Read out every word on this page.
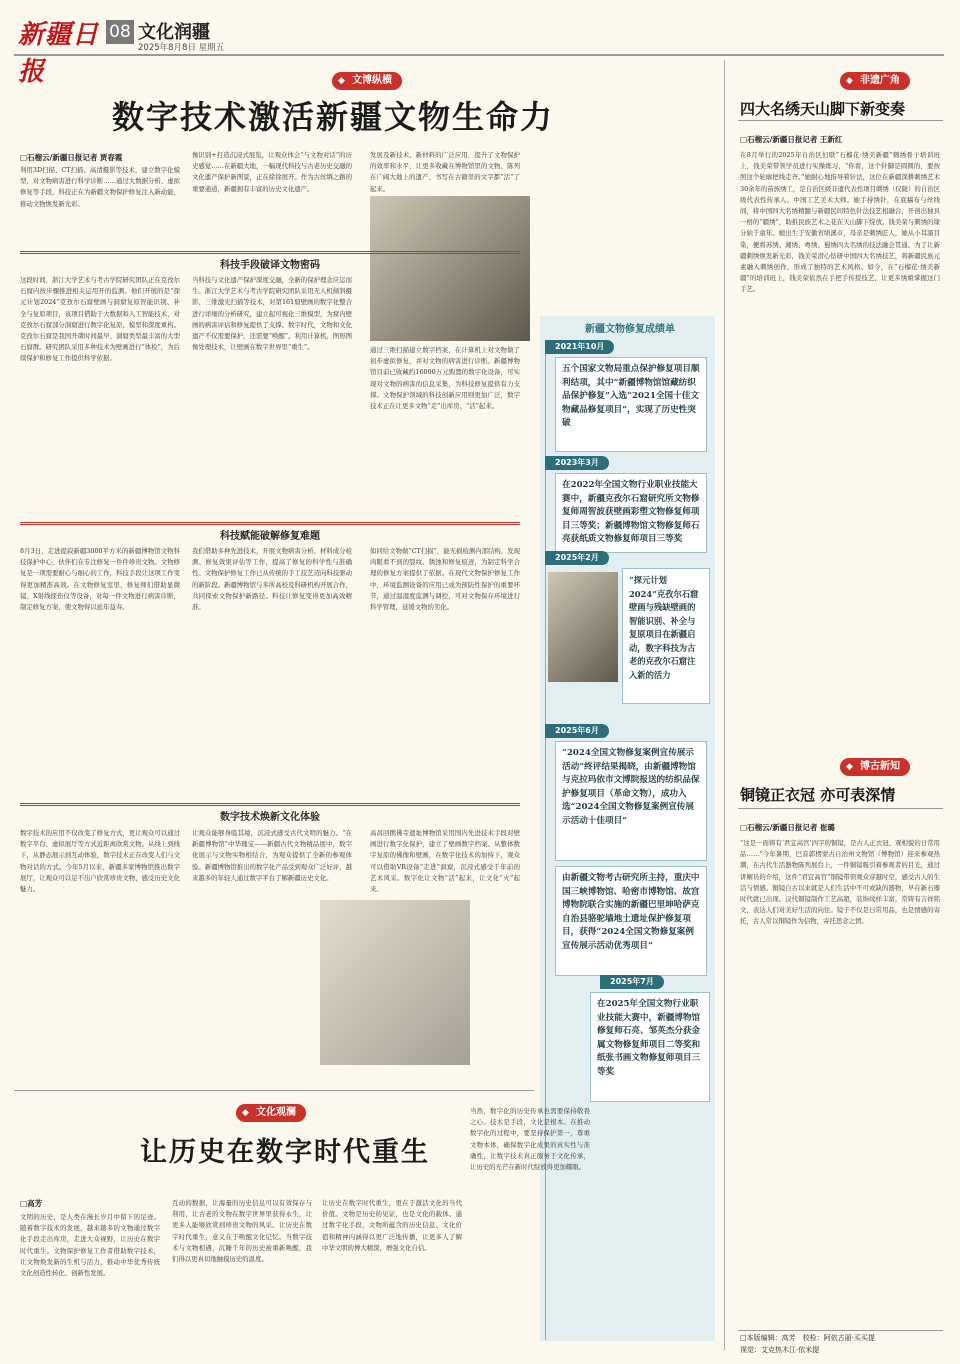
新疆日报
08 文化润疆
2025年8月8日 星期五
◆ 文博纵横
数字技术激活新疆文物生命力
□石榴云/新疆日报记者 贾春霞
利用3D扫描、CT扫描、高清摄影等技术，建立数字化模型，对文物病害进行科学诊断……通过大数据分析、虚拟修复等手段，科技正在为新疆文物保护修复注入新动能，推动文物焕发新光彩。
像识别+打造沉浸式展览，让观众体会“与文物对话”的历史感觉……在新疆大地，一幅现代科技与古老历史交融的文化遗产保护新图景，正在徐徐展开。作为古丝绸之路的重要通道，新疆拥有丰富的历史文化遗产。
发展及新技术、新材料的广泛应用，提升了文物保护的效率和水平，让更多收藏在博物馆里的文物、陈列在广阔大地上的遗产、书写在古籍里的文字都“活”了起来。
科技手段破译文物密码
这段时间，浙江大学艺术与考古学院研究团队正在克孜尔石窟内按步骤推进相关运用开的监测。他们开展的是“探元计划2024”克孜尔石窟壁画与洞窟复原智能识别、补全与复原项目，该项目借助于大数据和人工智能技术，对克孜尔石窟部分洞窟进行数字化复原、模型和深度重构。克孜尔石窟是我国开凿时间最早、洞窟类型最丰富的大型石窟群。研究团队采用多种技术为壁画进行“体检”，为后续保护和修复工作提供科学依据。
当科技与文化遗产保护深度交融，全新的保护理念应运而生。浙江大学艺术与考古学院研究团队采用无人机倾斜摄影、三维激光扫描等技术，对第161窟壁画的数字化整合进行详细的分析研究，建立起可视化三维模型，为窟内壁画的病害评估和修复提供了支撑。数字时代，文物和文化遗产不仅需要保护，还需要“唤醒”。利用计算机、图形图像处理技术，让壁画在数字世界里“重生”。	通过三维扫描建立数字档案，在计算机上对文物做了初步虚拟修复，并对文物的病害进行诊断。新疆博物馆目前已收藏约16000万元购置的数字化设备，可实现对文物的病害的信息采集，为科技修复提供有力支撑。文物保护领域的科技创新应用则更加广泛，数字技术正在让更多文物“走”出库房、“活”起来。
科技赋能破解修复难题
8月3日，走进提寂新疆3000平方米的新疆博物馆文物科技保护中心，伙伴们在专注修复一件件珍贵文物。文物修复是一项需要耐心与细心的工作，科技手段让这项工作变得更加精准高效。在文物修复室里，修复师们借助显微镜、X射线探伤仪等设备，对每一件文物进行病害诊断，制定修复方案，使文物得以延年益寿。
我们借助多种先进技术，开展文物病害分析、材料成分检测、修复效果评估等工作，提高了修复的科学性与准确性。文物保护修复工作已从传统的手工技艺迈向科技驱动的新阶段。新疆博物馆与多所高校及科研机构开展合作，共同探索文物保护新路径。科技让修复变得更加高效精准。
如同给文物做“CT扫描”，能无损检测内部结构，发现肉眼看不到的裂纹、锈蚀和修复痕迹，为制定科学合理的修复方案提供了依据。在现代文物保护修复工作中，环境监测设备的应用已成为预防性保护的重要环节，通过温湿度监测与调控，可对文物保存环境进行科学管理，延缓文物的劣化。
数字技术焕新文化体验
数字技术的应用不仅改变了修复方式，更让观众可以通过数字平台、虚拟展厅等方式近距离欣赏文物。从线上到线下，从静态展示到互动体验，数字技术正在改变人们与文物对话的方式。今年5月以来，新疆多家博物馆推出数字展厅，让观众可以足不出户欣赏珍贵文物，感受历史文化魅力。
让观众能够身临其境，沉浸式感受古代文明的魅力。“在新疆博物馆”中华瑰宝——新疆古代文物精品展中，数字化展示与文物实物相结合，为观众提供了全新的参观体验。新疆博物馆推出的数字化产品受到观众广泛好评，越来越多的年轻人通过数字平台了解新疆历史文化。
高昌回鹘佛寺遗址博物馆采用国内先进技术手段对壁画进行数字化保护，建立了壁画数字档案。从整体数字复原的佛像和壁画，在数字化技术的加持下，观众可以借助VR设备“走进”洞窟，沉浸式感受千年前的艺术风采。数字化让文物“活”起来，让文化“火”起来。
新疆文物修复成绩单
2021年10月
五个国家文物局重点保护修复项目顺利结项，其中“新疆博物馆馆藏纺织品保护修复”入选“2021全国十佳文物藏品修复项目”，实现了历史性突破
2023年3月
在2022年全国文物行业职业技能大赛中，新疆克孜尔石窟研究所文物修复师周智波获壁画彩塑文物修复师项目三等奖；新疆博物馆文物修复师石亮获纸质文物修复师项目三等奖
2025年2月
“探元计划2024”克孜尔石窟壁画与残缺壁画的智能识别、补全与复原项目在新疆启动，数字科技为古老的克孜尔石窟注入新的活力
2025年6月
“2024全国文物修复案例宣传展示活动”终评结果揭晓，由新疆博物馆与克拉玛依市文博院报送的纺织品保护修复项目（革命文物），成功入选“2024全国文物修复案例宣传展示活动十佳项目”
由新疆文物考古研究所主持，重庆中国三峡博物馆、哈密市博物馆、故宫博物院联合实施的新疆巴里坤哈萨克自治县骆驼墙地土遗址保护修复项目，获得“2024全国文物修复案例宣传展示活动优秀项目”
2025年7月
在2025年全国文物行业职业技能大赛中，新疆博物馆修复师石亮、邹英杰分获金属文物修复师项目二等奖和纸张书画文物修复师项目三等奖
◆ 非遗广角
四大名绣天山脚下新变奏
□石榴云/新疆日报记者 王新红
在8月举行的2025年自治区妇联“石榴花·绣美新疆”刺绣骨干培训班上，钱美荣带领学员进行实操练习，“你看，这个针脚是圆圆的，要按照这个轮廓把线走齐。”她耐心地指导着针法，这位在新疆深耕刺绣艺术30余年的苗族绣工，是自治区级非遗代表性项目刺绣（仪陇）的自治区级代表性传承人、中国工艺美术大师。她手持绣针，在底稿布与丝线间，将中国四大名绣精髓与新疆民间特色针法技艺相融合，开创出独具一格的“疆绣”，助推民族艺术之花在天山脚下绽放。钱美荣与刺绣的缘分始于童年。她出生于安徽省绩溪市，母亲是刺绣匠人，她从小耳濡目染，便将苏绣、湘绣、粤绣、蜀绣四大名绣的技法融会贯通。为了让新疆刺绣焕发新光彩，钱美荣潜心钻研中国四大名绣技艺，将新疆民族元素融入刺绣创作，形成了独特的艺术风格。如今，在“石榴花·绣美新疆”的培训班上，钱美荣依然在手把手传授技艺，让更多绣娘掌握这门手艺。
◆ 博古新知
铜镜正衣冠 亦可表深情
□石榴云/新疆日报记者 崔璐
“这是一面铸有‘君宜高官’四字的铜镜，是古人正衣冠、观相貌的日常用品……”今年暑期，巴音郭楞蒙古自治州文物馆（博物馆）迎来参观热潮，在古代生活器物陈列展台上，一件铜镜吸引着参观者的目光，通过讲解员的介绍，这件“君宜高官”铜镜带领观众穿越时空，感受古人的生活与情感。铜镜自古以来就是人们生活中不可或缺的器物，早在新石器时代就已出现。汉代铜镜制作工艺高超，装饰纹样丰富，常铸有吉祥铭文，表达人们对美好生活的向往。镜子不仅是日常用品，也是情感的寄托，古人常以铜镜作为信物，寄托思念之情。
□本版编辑：高芳　校检：阿依古丽·买买提
视觉：艾克热木江·依米提
◆ 文化观澜
让历史在数字时代重生
□高芳
文明的历史，是人类在漫长岁月中留下的足迹。随着数字技术的发展，越来越多的文物通过数字化手段走出库房，走进大众视野，让历史在数字时代重生。文物保护修复工作者借助数字技术，让文物焕发新的生机与活力，推动中华优秀传统文化创造性转化、创新性发展。
互动的数据，让海量的历史信息可以有效保存与利用，让古老的文物在数字世界里获得永生，让更多人能够欣赏到珍贵文物的风采。让历史在数字时代重生，意义在于唤醒文化记忆。当数字技术与文物相遇，沉睡千年的历史被重新唤醒，我们得以更真切地触摸历史的温度。
让历史在数字时代重生，更在于激活文化的当代价值。文物是历史的见证，也是文化的载体。通过数字化手段，文物所蕴含的历史信息、文化价值和精神内涵得以更广泛地传播，让更多人了解中华文明的博大精深，增强文化自信。
当然，数字化的历史传承也需要保持敬畏之心。技术是手段，文化是根本。在推动数字化的过程中，要坚持保护第一，尊重文物本体，确保数字化成果的真实性与准确性，让数字技术真正服务于文化传承，让历史的光芒在新时代绽放得更加耀眼。
